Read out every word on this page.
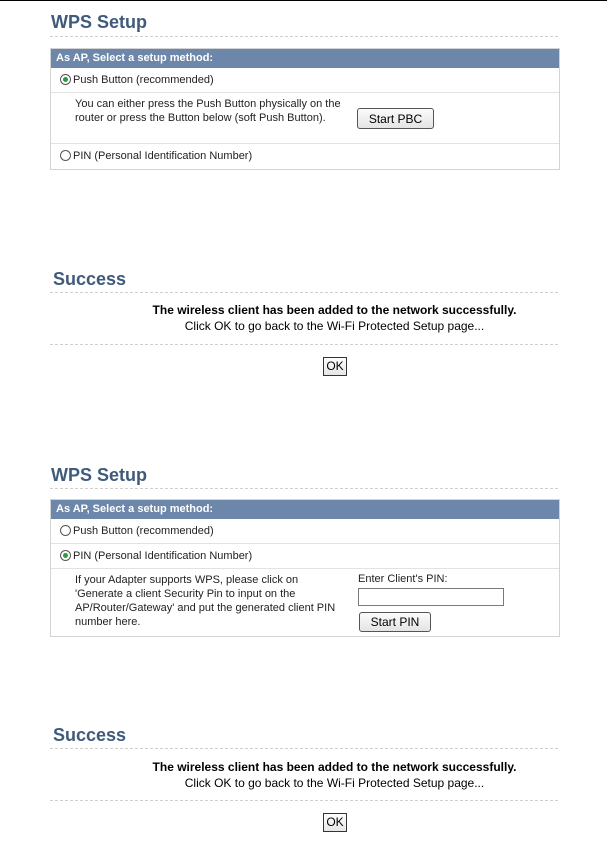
WPS Setup
As AP, Select a setup method:
Push Button (recommended)
You can either press the Push Button physically on the router or press the Button below (soft Push Button).	Start PBC
PIN (Personal Identification Number)
Success
The wireless client has been added to the network successfully.
Click OK to go back to the Wi-Fi Protected Setup page...
OK
WPS Setup
As AP, Select a setup method:
Push Button (recommended)
PIN (Personal Identification Number)
If your Adapter supports WPS, please click on 'Generate a client Security Pin to input on the AP/Router/Gateway' and put the generated client PIN number here.
Enter Client's PIN:
Start PIN
Success
The wireless client has been added to the network successfully.
Click OK to go back to the Wi-Fi Protected Setup page...
OK
